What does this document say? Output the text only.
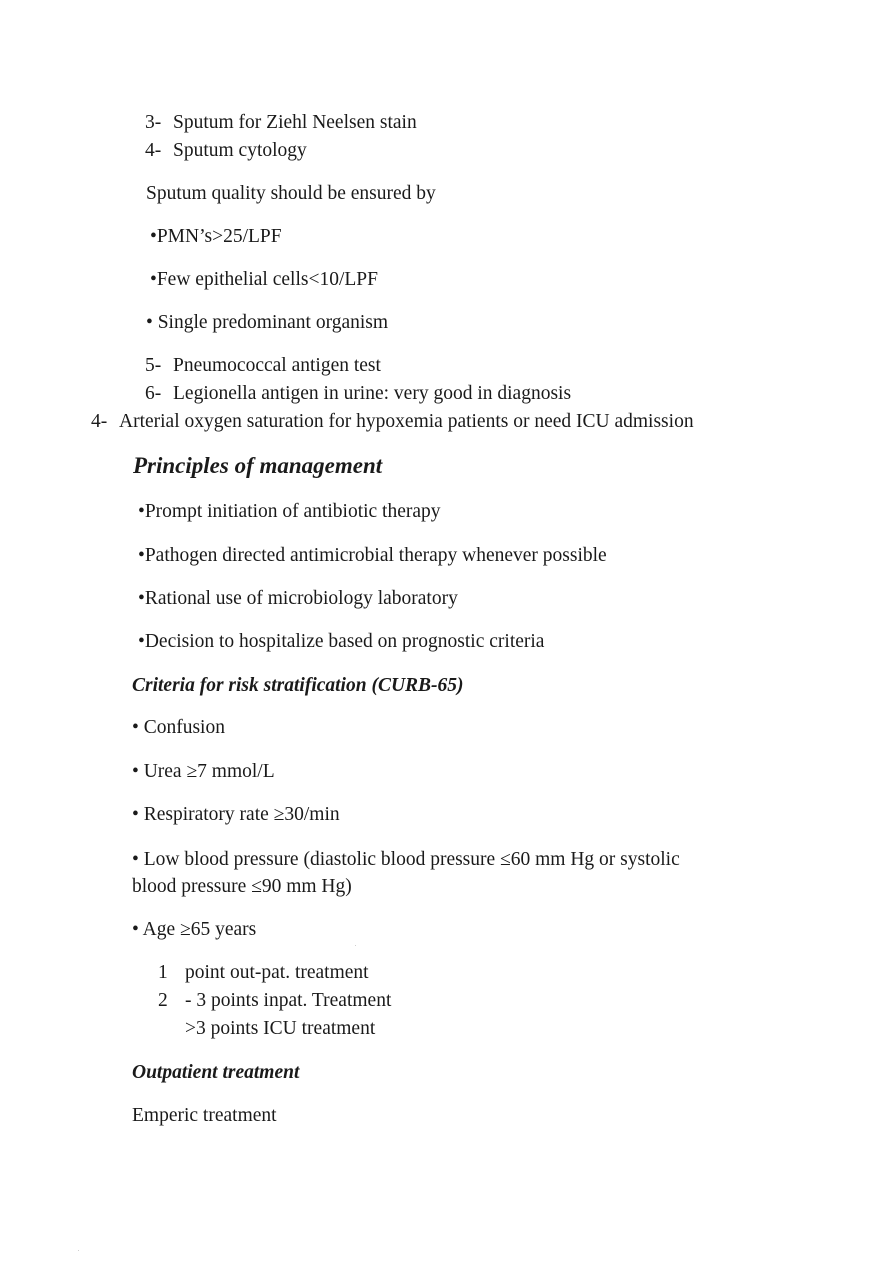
3- Sputum for Ziehl Neelsen stain
4- Sputum cytology
Sputum quality should be ensured by
•PMN’s>25/LPF
•Few epithelial cells<10/LPF
• Single predominant organism
5- Pneumococcal antigen test
6- Legionella antigen in urine: very good in diagnosis
4- Arterial oxygen saturation for hypoxemia patients or need ICU admission
Principles of management
•Prompt initiation of antibiotic therapy
•Pathogen directed antimicrobial therapy whenever possible
•Rational use of microbiology laboratory
•Decision to hospitalize based on prognostic criteria
Criteria for risk stratification (CURB-65)
• Confusion
• Urea ≥7 mmol/L
• Respiratory rate ≥30/min
• Low blood pressure (diastolic blood pressure ≤60 mm Hg or systolic
blood pressure ≤90 mm Hg)
• Age ≥65 years
1 point out-pat. treatment
2 - 3 points inpat. Treatment
>3 points ICU treatment
Outpatient treatment
Emperic treatment
